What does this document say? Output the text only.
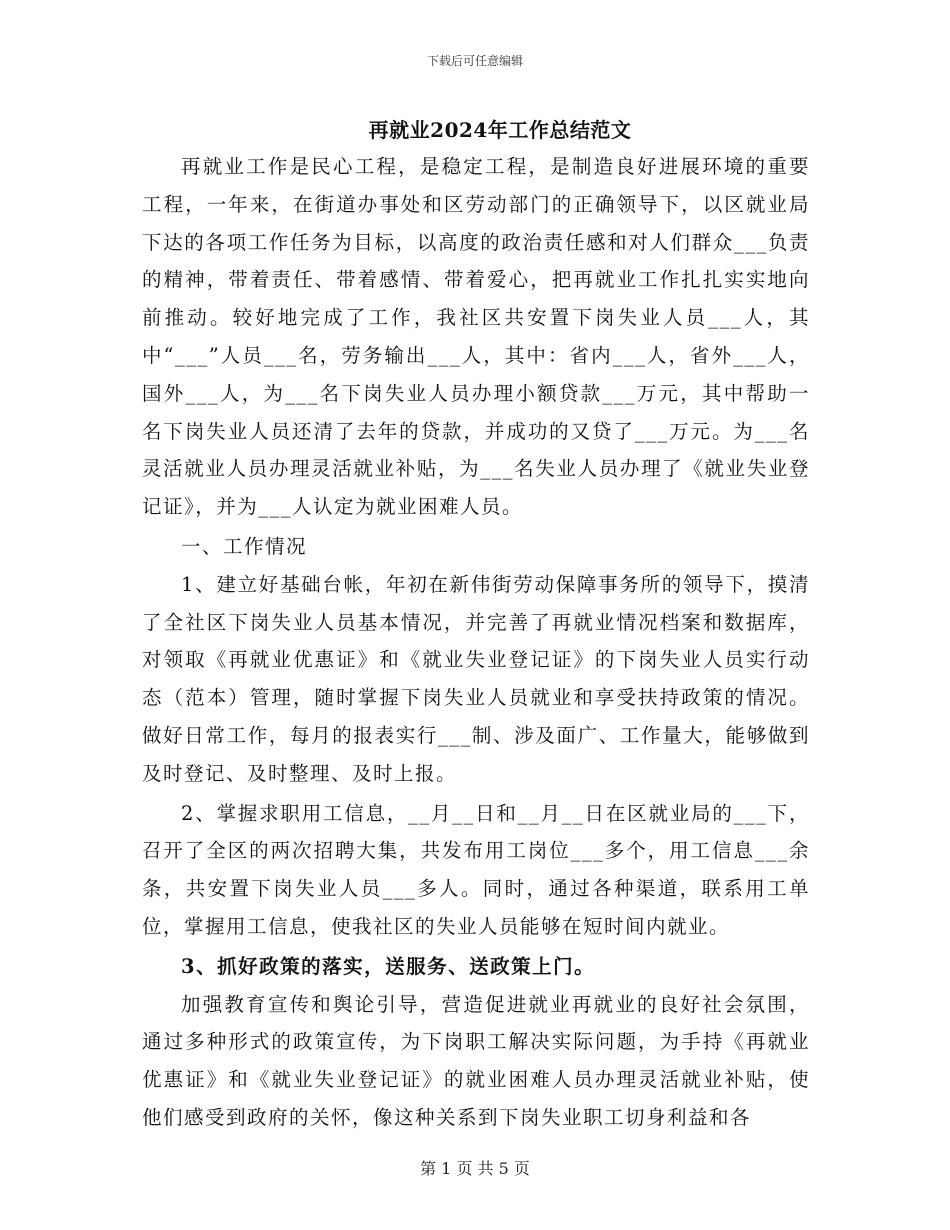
下载后可任意编辑
再就业2024年工作总结范文

再就业工作是民心工程，是稳定工程，是制造良好进展环境的重要工程，一年来，在街道办事处和区劳动部门的正确领导下，以区就业局下达的各项工作任务为目标，以高度的政治责任感和对人们群众___负责的精神，带着责任、带着感情、带着爱心，把再就业工作扎扎实实地向前推动。较好地完成了工作，我社区共安置下岗失业人员___人，其中“___”人员___名，劳务输出___人，其中：省内___人，省外___人，国外___人，为___名下岗失业人员办理小额贷款___万元，其中帮助一名下岗失业人员还清了去年的贷款，并成功的又贷了___万元。为___名灵活就业人员办理灵活就业补贴，为___名失业人员办理了《就业失业登记证》，并为___人认定为就业困难人员。

一、工作情况

1、建立好基础台帐，年初在新伟街劳动保障事务所的领导下，摸清了全社区下岗失业人员基本情况，并完善了再就业情况档案和数据库，对领取《再就业优惠证》和《就业失业登记证》的下岗失业人员实行动态（范本）管理，随时掌握下岗失业人员就业和享受扶持政策的情况。做好日常工作，每月的报表实行___制、涉及面广、工作量大，能够做到及时登记、及时整理、及时上报。

2、掌握求职用工信息，__月__日和__月__日在区就业局的___下，召开了全区的两次招聘大集，共发布用工岗位___多个，用工信息___余条，共安置下岗失业人员___多人。同时，通过各种渠道，联系用工单位，掌握用工信息，使我社区的失业人员能够在短时间内就业。

3、抓好政策的落实，送服务、送政策上门。

加强教育宣传和舆论引导，营造促进就业再就业的良好社会氛围，通过多种形式的政策宣传，为下岗职工解决实际问题，为手持《再就业优惠证》和《就业失业登记证》的就业困难人员办理灵活就业补贴，使他们感受到政府的关怀，像这种关系到下岗失业职工切身利益和各

第 1 页 共 5 页
